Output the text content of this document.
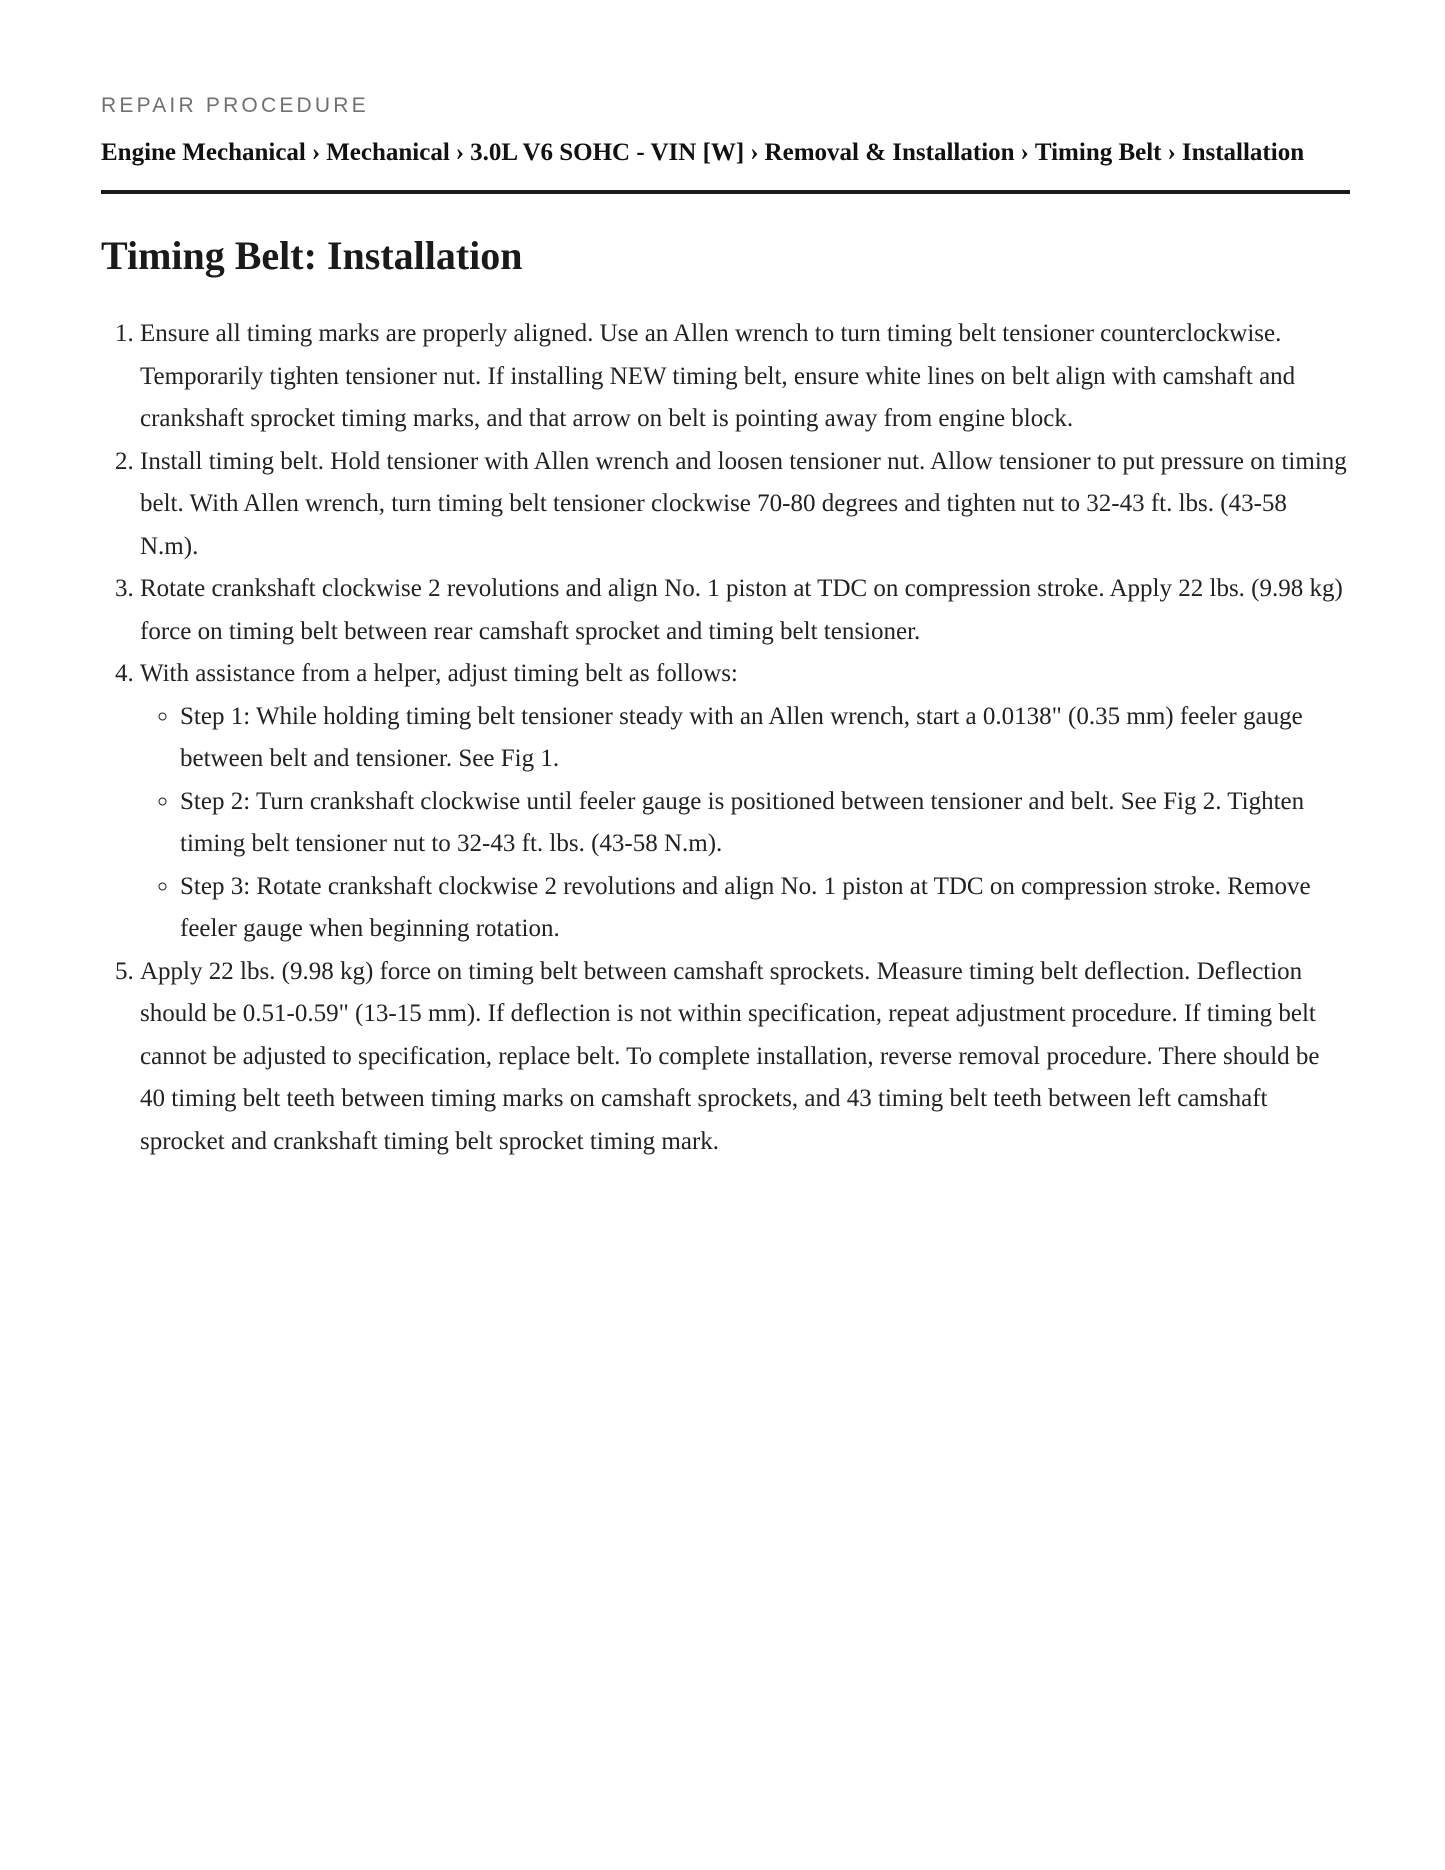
REPAIR PROCEDURE

Engine Mechanical › Mechanical › 3.0L V6 SOHC - VIN [W] › Removal & Installation › Timing Belt › Installation
Timing Belt: Installation
1. Ensure all timing marks are properly aligned. Use an Allen wrench to turn timing belt tensioner counterclockwise. Temporarily tighten tensioner nut. If installing NEW timing belt, ensure white lines on belt align with camshaft and crankshaft sprocket timing marks, and that arrow on belt is pointing away from engine block.
2. Install timing belt. Hold tensioner with Allen wrench and loosen tensioner nut. Allow tensioner to put pressure on timing belt. With Allen wrench, turn timing belt tensioner clockwise 70-80 degrees and tighten nut to 32-43 ft. lbs. (43-58 N.m).
3. Rotate crankshaft clockwise 2 revolutions and align No. 1 piston at TDC on compression stroke. Apply 22 lbs. (9.98 kg) force on timing belt between rear camshaft sprocket and timing belt tensioner.
4. With assistance from a helper, adjust timing belt as follows:
◦ Step 1: While holding timing belt tensioner steady with an Allen wrench, start a 0.0138" (0.35 mm) feeler gauge between belt and tensioner. See Fig 1.
◦ Step 2: Turn crankshaft clockwise until feeler gauge is positioned between tensioner and belt. See Fig 2. Tighten timing belt tensioner nut to 32-43 ft. lbs. (43-58 N.m).
◦ Step 3: Rotate crankshaft clockwise 2 revolutions and align No. 1 piston at TDC on compression stroke. Remove feeler gauge when beginning rotation.
5. Apply 22 lbs. (9.98 kg) force on timing belt between camshaft sprockets. Measure timing belt deflection. Deflection should be 0.51-0.59" (13-15 mm). If deflection is not within specification, repeat adjustment procedure. If timing belt cannot be adjusted to specification, replace belt. To complete installation, reverse removal procedure. There should be 40 timing belt teeth between timing marks on camshaft sprockets, and 43 timing belt teeth between left camshaft sprocket and crankshaft timing belt sprocket timing mark.
